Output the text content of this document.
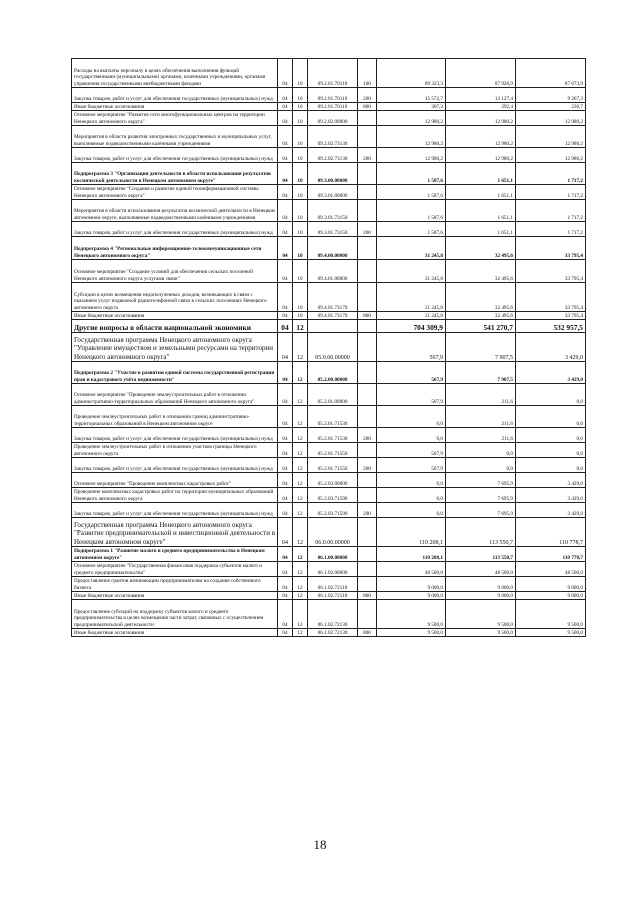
Расходы на выплаты персоналу в целях обеспечения выполнения функций государственными (муниципальными) органами, казенными учреждениями, органами управления государственными внебюджетными фондами	04	10	09.2.01.70110	100	89 323,3	87 926,9	87 673,9
Закупка товаров, работ и услуг для обеспечения государственных (муниципальных) нужд	04	10	09.2.01.70110	200	15 572,7	13 127,4	9 267,3
Иные бюджетные ассигнования	04	10	09.2.01.70110	800	307,3	292,4	230,7
Основное мероприятие "Развитие сети многофункциональных центров на территории Ненецкого автономного округа"	04	10	09.2.02.00000		12 980,2	12 980,2	12 980,2
Мероприятия в области развития электронных государственных и муниципальных услуг, выполняемые подведомственными казёнными учреждениями	04	10	09.2.02.73130		12 980,2	12 980,2	12 980,2
Закупка товаров, работ и услуг для обеспечения государственных (муниципальных) нужд	04	10	09.2.02.73130	200	12 980,2	12 980,2	12 980,2
Подпрограмма 3 "Организация деятельности в области использования результатов космической деятельности в Ненецком автономном округе"	04	10	09.3.00.00000		1 587,6	1 651,1	1 717,2
Основное мероприятие "Создание и развитие единой геоинформационной системы Ненецкого автономного округа"	04	10	09.3.01.00000		1 587,6	1 651,1	1 717,2
Мероприятия в области использования результатов космической деятельности в Ненецком автономном округе, выполняемые подведомственными казёнными учреждениями	04	10	09.3.01.73150		1 587,6	1 651,1	1 717,2
Закупка товаров, работ и услуг для обеспечения государственных (муниципальных) нужд	04	10	09.3.01.73150	200	1 587,6	1 651,1	1 717,2
Подпрограмма 4 "Региональные информационно-телекоммуникационные сети Ненецкого автономного округа"	04	10	09.4.00.00000		31 245,8	32 495,6	33 795,4
Основное мероприятие "Создание условий для обеспечения сельских поселений Ненецкого автономного округа услугами связи"	04	10	09.4.01.00000		31 245,8	32 495,6	33 795,4
Субсидии в целях возмещения недополученных доходов, возникающих в связи с оказанием услуг подвижной радиотелефонной связи в сельских поселениях Ненецкого автономного округа	04	10	09.4.01.73170		31 245,8	32 495,6	33 795,4
Иные бюджетные ассигнования	04	10	09.4.01.73170	800	31 245,8	32 495,6	33 795,4
Другие вопросы в области национальной экономики	04	12			704 309,9	541 270,7	532 957,5
Государственная программа Ненецкого автономного округа "Управление имуществом и земельными ресурсами на территории Ненецкого автономного округа"	04	12	05.0.00.00000		567,9	7 907,5	3 429,0
Подпрограмма 2 "Участие в развитии единой системы государственной регистрации прав и кадастрового учёта недвижимости"	04	12	05.2.00.00000		567,9	7 907,5	3 429,0
Основное мероприятие "Проведение землеустроительных работ в отношении административно-территориальных образований Ненецкого автономного округа"	04	12	05.2.01.00000		567,9	211,6	0,0
Проведение землеустроительных работ в отношении границ административно-территориальных образований в Ненецком автономном округе	04	12	05.2.01.71530		0,0	211,6	0,0
Закупка товаров, работ и услуг для обеспечения государственных (муниципальных) нужд	04	12	05.2.01.71530	200	0,0	211,6	0,0
Проведение землеустроительных работ в отношении участков границы Ненецкого автономного округа	04	12	05.2.01.71550		567,9	0,0	0,0
Закупка товаров, работ и услуг для обеспечения государственных (муниципальных) нужд	04	12	05.2.01.71550	200	567,9	0,0	0,0
Основное мероприятие "Проведение комплексных кадастровых работ"	04	12	05.2.03.00000		0,0	7 695,9	3 429,0
Проведение комплексных кадастровых работ на территории муниципальных образований Ненецкого автономного округа	04	12	05.2.03.71590		0,0	7 695,9	3 429,0
Закупка товаров, работ и услуг для обеспечения государственных (муниципальных) нужд	04	12	05.2.03.71590	200	0,0	7 695,9	3 429,0
Государственная программа Ненецкого автономного округа "Развитие предпринимательской и инвестиционной деятельности в Ненецком автономном округе"	04	12	06.0.00.00000		110 208,1	113 550,7	110 778,7
Подпрограмма 1 "Развитие малого и среднего предпринимательства в Ненецком автономном округе"	04	12	06.1.00.00000		110 208,1	113 550,7	110 778,7
Основное мероприятие "Государственная финансовая поддержка субъектов малого и среднего предпринимательства"	04	12	06.1.02.00000		48 500,0	48 500,0	48 500,0
Предоставление грантов начинающим предпринимателям на создание собственного бизнеса	04	12	06.1.02.72110		9 000,0	9 000,0	9 000,0
Иные бюджетные ассигнования	04	12	06.1.02.72110	800	9 000,0	9 000,0	9 000,0
Предоставление субсидий на поддержку субъектов малого и среднего предпринимательства в целях возмещения части затрат, связанных с осуществлением предпринимательской деятельности	04	12	06.1.02.72130		9 500,0	9 500,0	9 500,0
Иные бюджетные ассигнования	04	12	06.1.02.72130	800	9 500,0	9 500,0	9 500,0
18
